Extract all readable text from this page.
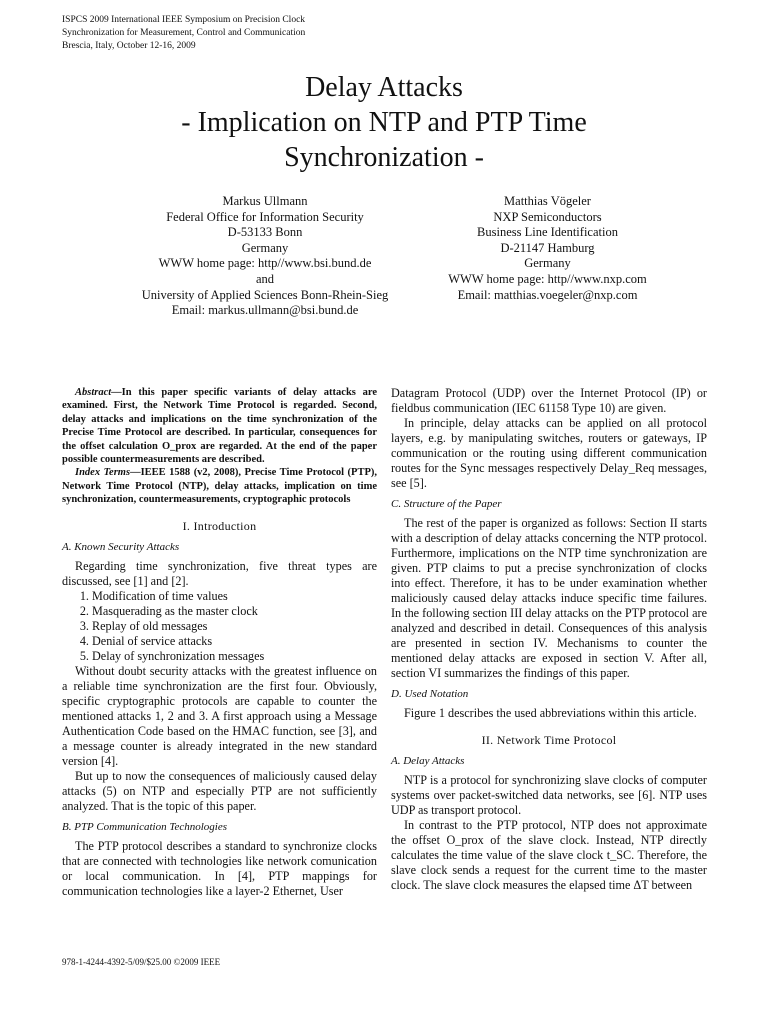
ISPCS 2009 International IEEE Symposium on Precision Clock
Synchronization for Measurement, Control and Communication
Brescia, Italy, October 12-16, 2009
Delay Attacks
- Implication on NTP and PTP Time
Synchronization -
Markus Ullmann
Federal Office for Information Security
D-53133 Bonn
Germany
WWW home page: http//www.bsi.bund.de
and
University of Applied Sciences Bonn-Rhein-Sieg
Email: markus.ullmann@bsi.bund.de
Matthias Vögeler
NXP Semiconductors
Business Line Identification
D-21147 Hamburg
Germany
WWW home page: http//www.nxp.com
Email: matthias.voegeler@nxp.com

Abstract—In this paper specific variants of delay attacks are examined. First, the Network Time Protocol is regarded. Second, delay attacks and implications on the time synchronization of the Precise Time Protocol are described. In particular, consequences for the offset calculation O_prox are regarded. At the end of the paper possible countermeasurements are described.

Index Terms—IEEE 1588 (v2, 2008), Precise Time Protocol (PTP), Network Time Protocol (NTP), delay attacks, implication on time synchronization, countermeasurements, cryptographic protocols

I. Introduction
A. Known Security Attacks

Regarding time synchronization, five threat types are discussed, see [1] and [2].

1. Modification of time values
2. Masquerading as the master clock
3. Replay of old messages
4. Denial of service attacks
5. Delay of synchronization messages

Without doubt security attacks with the greatest influence on a reliable time synchronization are the first four. Obviously, specific cryptographic protocols are capable to counter the mentioned attacks 1, 2 and 3. A first approach using a Message Authentication Code based on the HMAC function, see [3], and a message counter is already integrated in the new standard version [4].

But up to now the consequences of maliciously caused delay attacks (5) on NTP and especially PTP are not sufficiently analyzed. That is the topic of this paper.

B. PTP Communication Technologies

The PTP protocol describes a standard to synchronize clocks that are connected with technologies like network comunication or local communication. In [4], PTP mappings for communication technologies like a layer-2 Ethernet, User

Datagram Protocol (UDP) over the Internet Protocol (IP) or fieldbus communication (IEC 61158 Type 10) are given.

In principle, delay attacks can be applied on all protocol layers, e.g. by manipulating switches, routers or gateways, IP communication or the routing using different communication routes for the Sync messages respectively Delay_Req messages, see [5].

C. Structure of the Paper

The rest of the paper is organized as follows: Section II starts with a description of delay attacks concerning the NTP protocol. Furthermore, implications on the NTP time synchronization are given. PTP claims to put a precise synchronization of clocks into effect. Therefore, it has to be under examination whether maliciously caused delay attacks induce specific time failures. In the following section III delay attacks on the PTP protocol are analyzed and described in detail. Consequences of this analysis are presented in section IV. Mechanisms to counter the mentioned delay attacks are exposed in section V. After all, section VI summarizes the findings of this paper.

D. Used Notation

Figure 1 describes the used abbreviations within this article.

II. Network Time Protocol
A. Delay Attacks

NTP is a protocol for synchronizing slave clocks of computer systems over packet-switched data networks, see [6]. NTP uses UDP as transport protocol.

In contrast to the PTP protocol, NTP does not approximate the offset O_prox of the slave clock. Instead, NTP directly calculates the time value of the slave clock t_SC. Therefore, the slave clock sends a request for the current time to the master clock. The slave clock measures the elapsed time ΔT between

978-1-4244-4392-5/09/$25.00 ©2009 IEEE
